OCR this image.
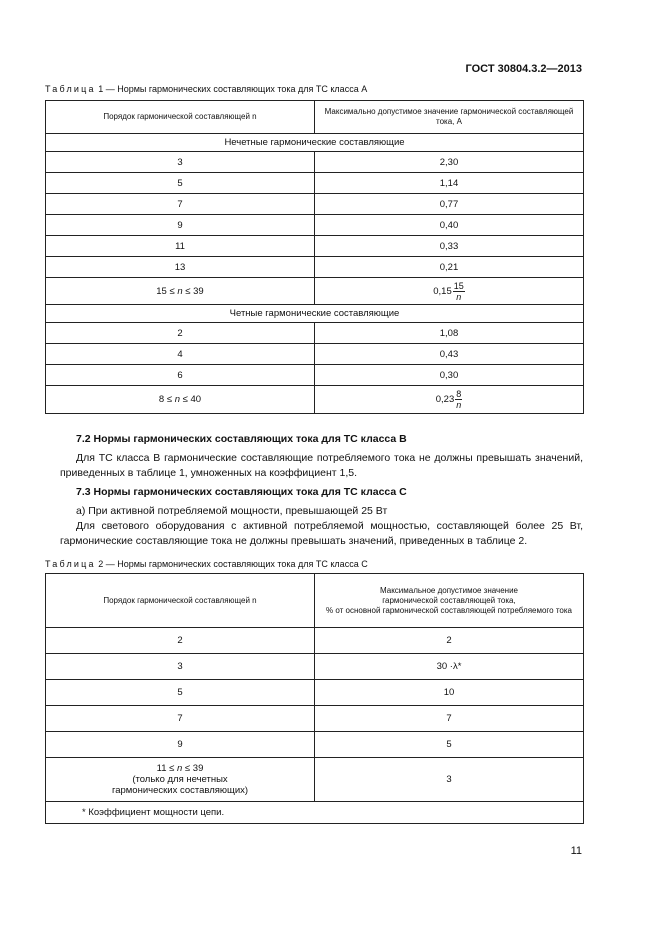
ГОСТ 30804.3.2—2013
Таблица 1 — Нормы гармонических составляющих тока для ТС класса А
Порядок гармонической составляющей n	Максимально допустимое значение гармонической составляющей тока, А
Нечетные гармонические составляющие	
3	2,30
5	1,14
7	0,77
9	0,40
11	0,33
13	0,21
15 ≤ n ≤ 39	$0,15 \frac{15}{n}$

Четные гармонические составляющие	
2	1,08
4	0,43
6	0,30
8 ≤ n ≤ 40	$0,23 \frac{8}{n}$
7.2 Нормы гармонических составляющих тока для ТС класса В
Для ТС класса В гармонические составляющие потребляемого тока не должны превышать значений, приведенных в таблице 1, умноженных на коэффициент 1,5.
7.3 Нормы гармонических составляющих тока для ТС класса С
а) При активной потребляемой мощности, превышающей 25 Вт
Для светового оборудования с активной потребляемой мощностью, составляющей более 25 Вт, гармонические составляющие тока не должны превышать значений, приведенных в таблице 2.
Таблица 2 — Нормы гармонических составляющих тока для ТС класса С
Порядок гармонической составляющей n	Максимальное допустимое значение
гармонической составляющей тока,
% от основной гармонической составляющей потребляемого тока

2	2
3	30 ·λ*
5	10
7	7
9	5

11 ≤ n ≤ 39
(только для нечетных
гармонических составляющих)	3
* Коэффициент мощности цепи.	
11
